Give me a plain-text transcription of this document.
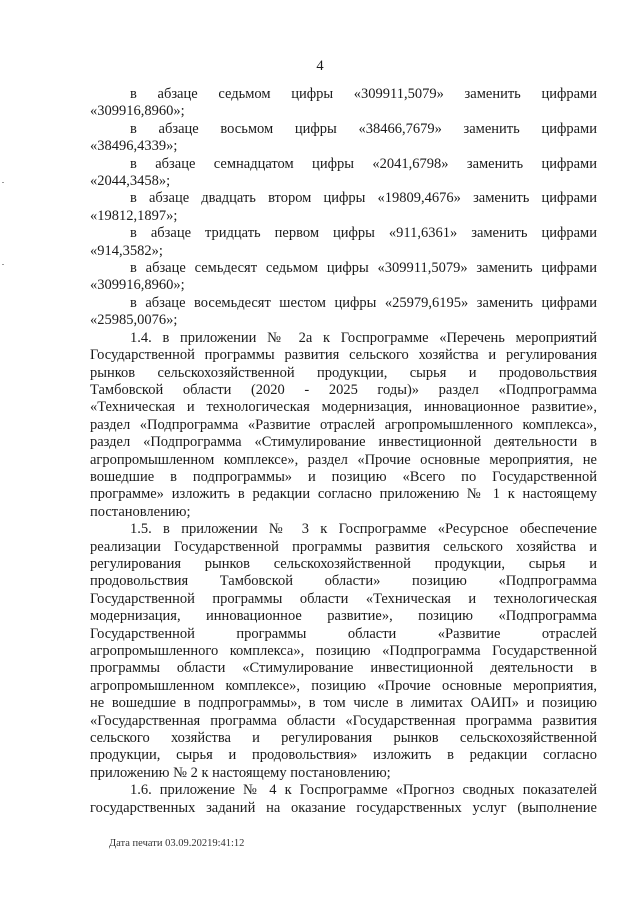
4

в абзаце седьмом цифры «309911,5079» заменить цифрами

«309916,8960»;

в абзаце восьмом цифры «38466,7679» заменить цифрами

«38496,4339»;

в абзаце семнадцатом цифры «2041,6798» заменить цифрами

«2044,3458»;

в абзаце двадцать втором цифры «19809,4676» заменить цифрами

«19812,1897»;

в абзаце тридцать первом цифры «911,6361» заменить цифрами

«914,3582»;

в абзаце семьдесят седьмом цифры «309911,5079» заменить цифрами

«309916,8960»;

в абзаце восемьдесят шестом цифры «25979,6195» заменить цифрами

«25985,0076»;

1.4. в приложении № 2а к Госпрограмме «Перечень мероприятий

Государственной программы развития сельского хозяйства и регулирования

рынков сельскохозяйственной продукции, сырья и продовольствия

Тамбовской области (2020 - 2025 годы)» раздел «Подпрограмма

«Техническая и технологическая модернизация, инновационное развитие»,

раздел «Подпрограмма «Развитие отраслей агропромышленного комплекса»,

раздел «Подпрограмма «Стимулирование инвестиционной деятельности в

агропромышленном комплексе», раздел «Прочие основные мероприятия, не

вошедшие в подпрограммы» и позицию «Всего по Государственной

программе» изложить в редакции согласно приложению № 1 к настоящему

постановлению;

1.5. в приложении № 3 к Госпрограмме «Ресурсное обеспечение

реализации Государственной программы развития сельского хозяйства и

регулирования рынков сельскохозяйственной продукции, сырья и

продовольствия Тамбовской области» позицию «Подпрограмма

Государственной программы области «Техническая и технологическая

модернизация, инновационное развитие», позицию «Подпрограмма

Государственной программы области «Развитие отраслей

агропромышленного комплекса», позицию «Подпрограмма Государственной

программы области «Стимулирование инвестиционной деятельности в

агропромышленном комплексе», позицию «Прочие основные мероприятия,

не вошедшие в подпрограммы», в том числе в лимитах ОАИП» и позицию

«Государственная программа области «Государственная программа развития

сельского хозяйства и регулирования рынков сельскохозяйственной

продукции, сырья и продовольствия» изложить в редакции согласно

приложению № 2 к настоящему постановлению;

1.6. приложение № 4 к Госпрограмме «Прогноз сводных показателей

государственных заданий на оказание государственных услуг (выполнение

Дата печати 03.09.20219:41:12
